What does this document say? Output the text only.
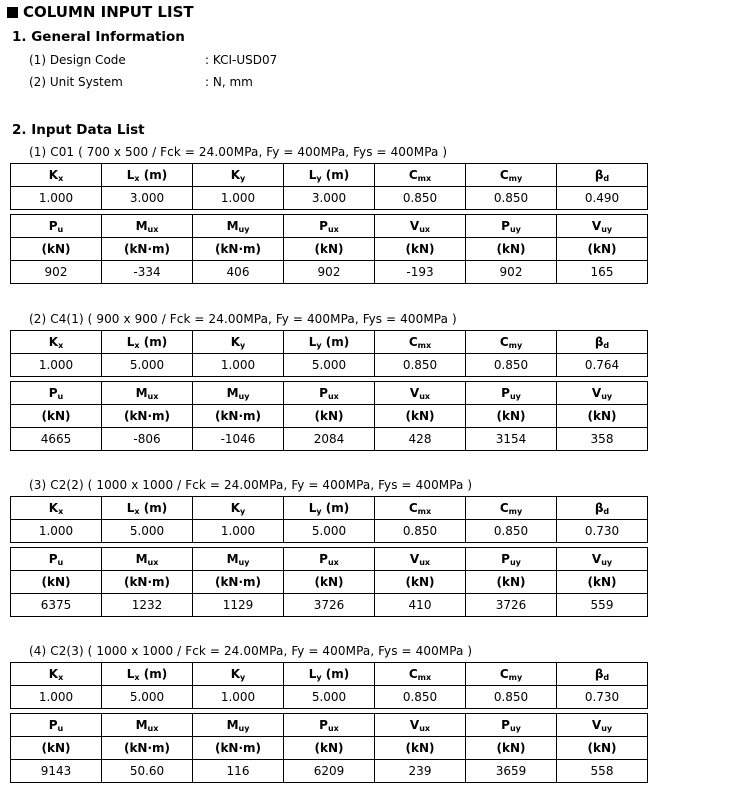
COLUMN INPUT LIST
1. General Information
(1) Design Code	: KCI-USD07
(2) Unit System	: N, mm
2. Input Data List
(1) C01 ( 700 x 500 / Fck = 24.00MPa, Fy = 400MPa, Fys = 400MPa )
$K_x$	$L_x$ (m)	$K_y$	$L_y$ (m)	$C_{mx}$	$C_{my}$	$\beta_d$
1.000	3.000	1.000	3.000	0.850	0.850	0.490
$P_u$	$M_{ux}$	$M_{uy}$	$P_{ux}$	$V_{ux}$	$P_{uy}$	$V_{uy}$
(kN)	(kN·m)	(kN·m)	(kN)	(kN)	(kN)	(kN)
902	-334	406	902	-193	902	165
(2) C4(1) ( 900 x 900 / Fck = 24.00MPa, Fy = 400MPa, Fys = 400MPa )
$K_x$	$L_x$ (m)	$K_y$	$L_y$ (m)	$C_{mx}$	$C_{my}$	$\beta_d$
1.000	5.000	1.000	5.000	0.850	0.850	0.764
$P_u$	$M_{ux}$	$M_{uy}$	$P_{ux}$	$V_{ux}$	$P_{uy}$	$V_{uy}$
(kN)	(kN·m)	(kN·m)	(kN)	(kN)	(kN)	(kN)
4665	-806	-1046	2084	428	3154	358
(3) C2(2) ( 1000 x 1000 / Fck = 24.00MPa, Fy = 400MPa, Fys = 400MPa )
$K_x$	$L_x$ (m)	$K_y$	$L_y$ (m)	$C_{mx}$	$C_{my}$	$\beta_d$
1.000	5.000	1.000	5.000	0.850	0.850	0.730
$P_u$	$M_{ux}$	$M_{uy}$	$P_{ux}$	$V_{ux}$	$P_{uy}$	$V_{uy}$
(kN)	(kN·m)	(kN·m)	(kN)	(kN)	(kN)	(kN)
6375	1232	1129	3726	410	3726	559
(4) C2(3) ( 1000 x 1000 / Fck = 24.00MPa, Fy = 400MPa, Fys = 400MPa )
$K_x$	$L_x$ (m)	$K_y$	$L_y$ (m)	$C_{mx}$	$C_{my}$	$\beta_d$
1.000	5.000	1.000	5.000	0.850	0.850	0.730
$P_u$	$M_{ux}$	$M_{uy}$	$P_{ux}$	$V_{ux}$	$P_{uy}$	$V_{uy}$
(kN)	(kN·m)	(kN·m)	(kN)	(kN)	(kN)	(kN)
9143	50.60	116	6209	239	3659	558
